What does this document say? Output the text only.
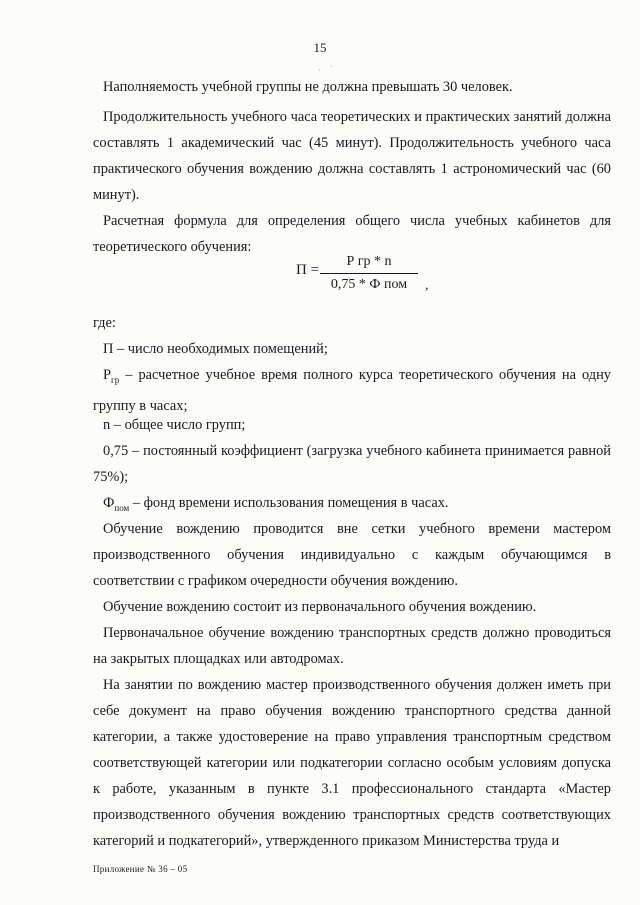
15

Наполняемость учебной группы не должна превышать 30 человек.

Продолжительность учебного часа теоретических и практических занятий должна составлять 1 академический час (45 минут). Продолжительность учебного часа практического обучения вождению должна составлять 1 астрономический час (60 минут).

Расчетная формула для определения общего числа учебных кабинетов для теоретического обучения:

П =
Р гр * n
0,75 * Ф пом	,

где:

П – число необходимых помещений;

$Р_{гр}$ – расчетное учебное время полного курса теоретического обучения на одну группу в часах;

n – общее число групп;

0,75 – постоянный коэффициент (загрузка учебного кабинета принимается равной 75%);

$Ф_{пом}$ – фонд времени использования помещения в часах.

Обучение вождению проводится вне сетки учебного времени мастером производственного обучения индивидуально с каждым обучающимся в соответствии с графиком очередности обучения вождению.

Обучение вождению состоит из первоначального обучения вождению.

Первоначальное обучение вождению транспортных средств должно проводиться на закрытых площадках или автодромах.

На занятии по вождению мастер производственного обучения должен иметь при себе документ на право обучения вождению транспортного средства данной категории, а также удостоверение на право управления транспортным средством соответствующей категории или подкатегории согласно особым условиям допуска к работе, указанным в пункте 3.1 профессионального стандарта «Мастер производственного обучения вождению транспортных средств соответствующих категорий и подкатегорий», утвержденного приказом Министерства труда и

Приложение № 36 – 05
· ·
